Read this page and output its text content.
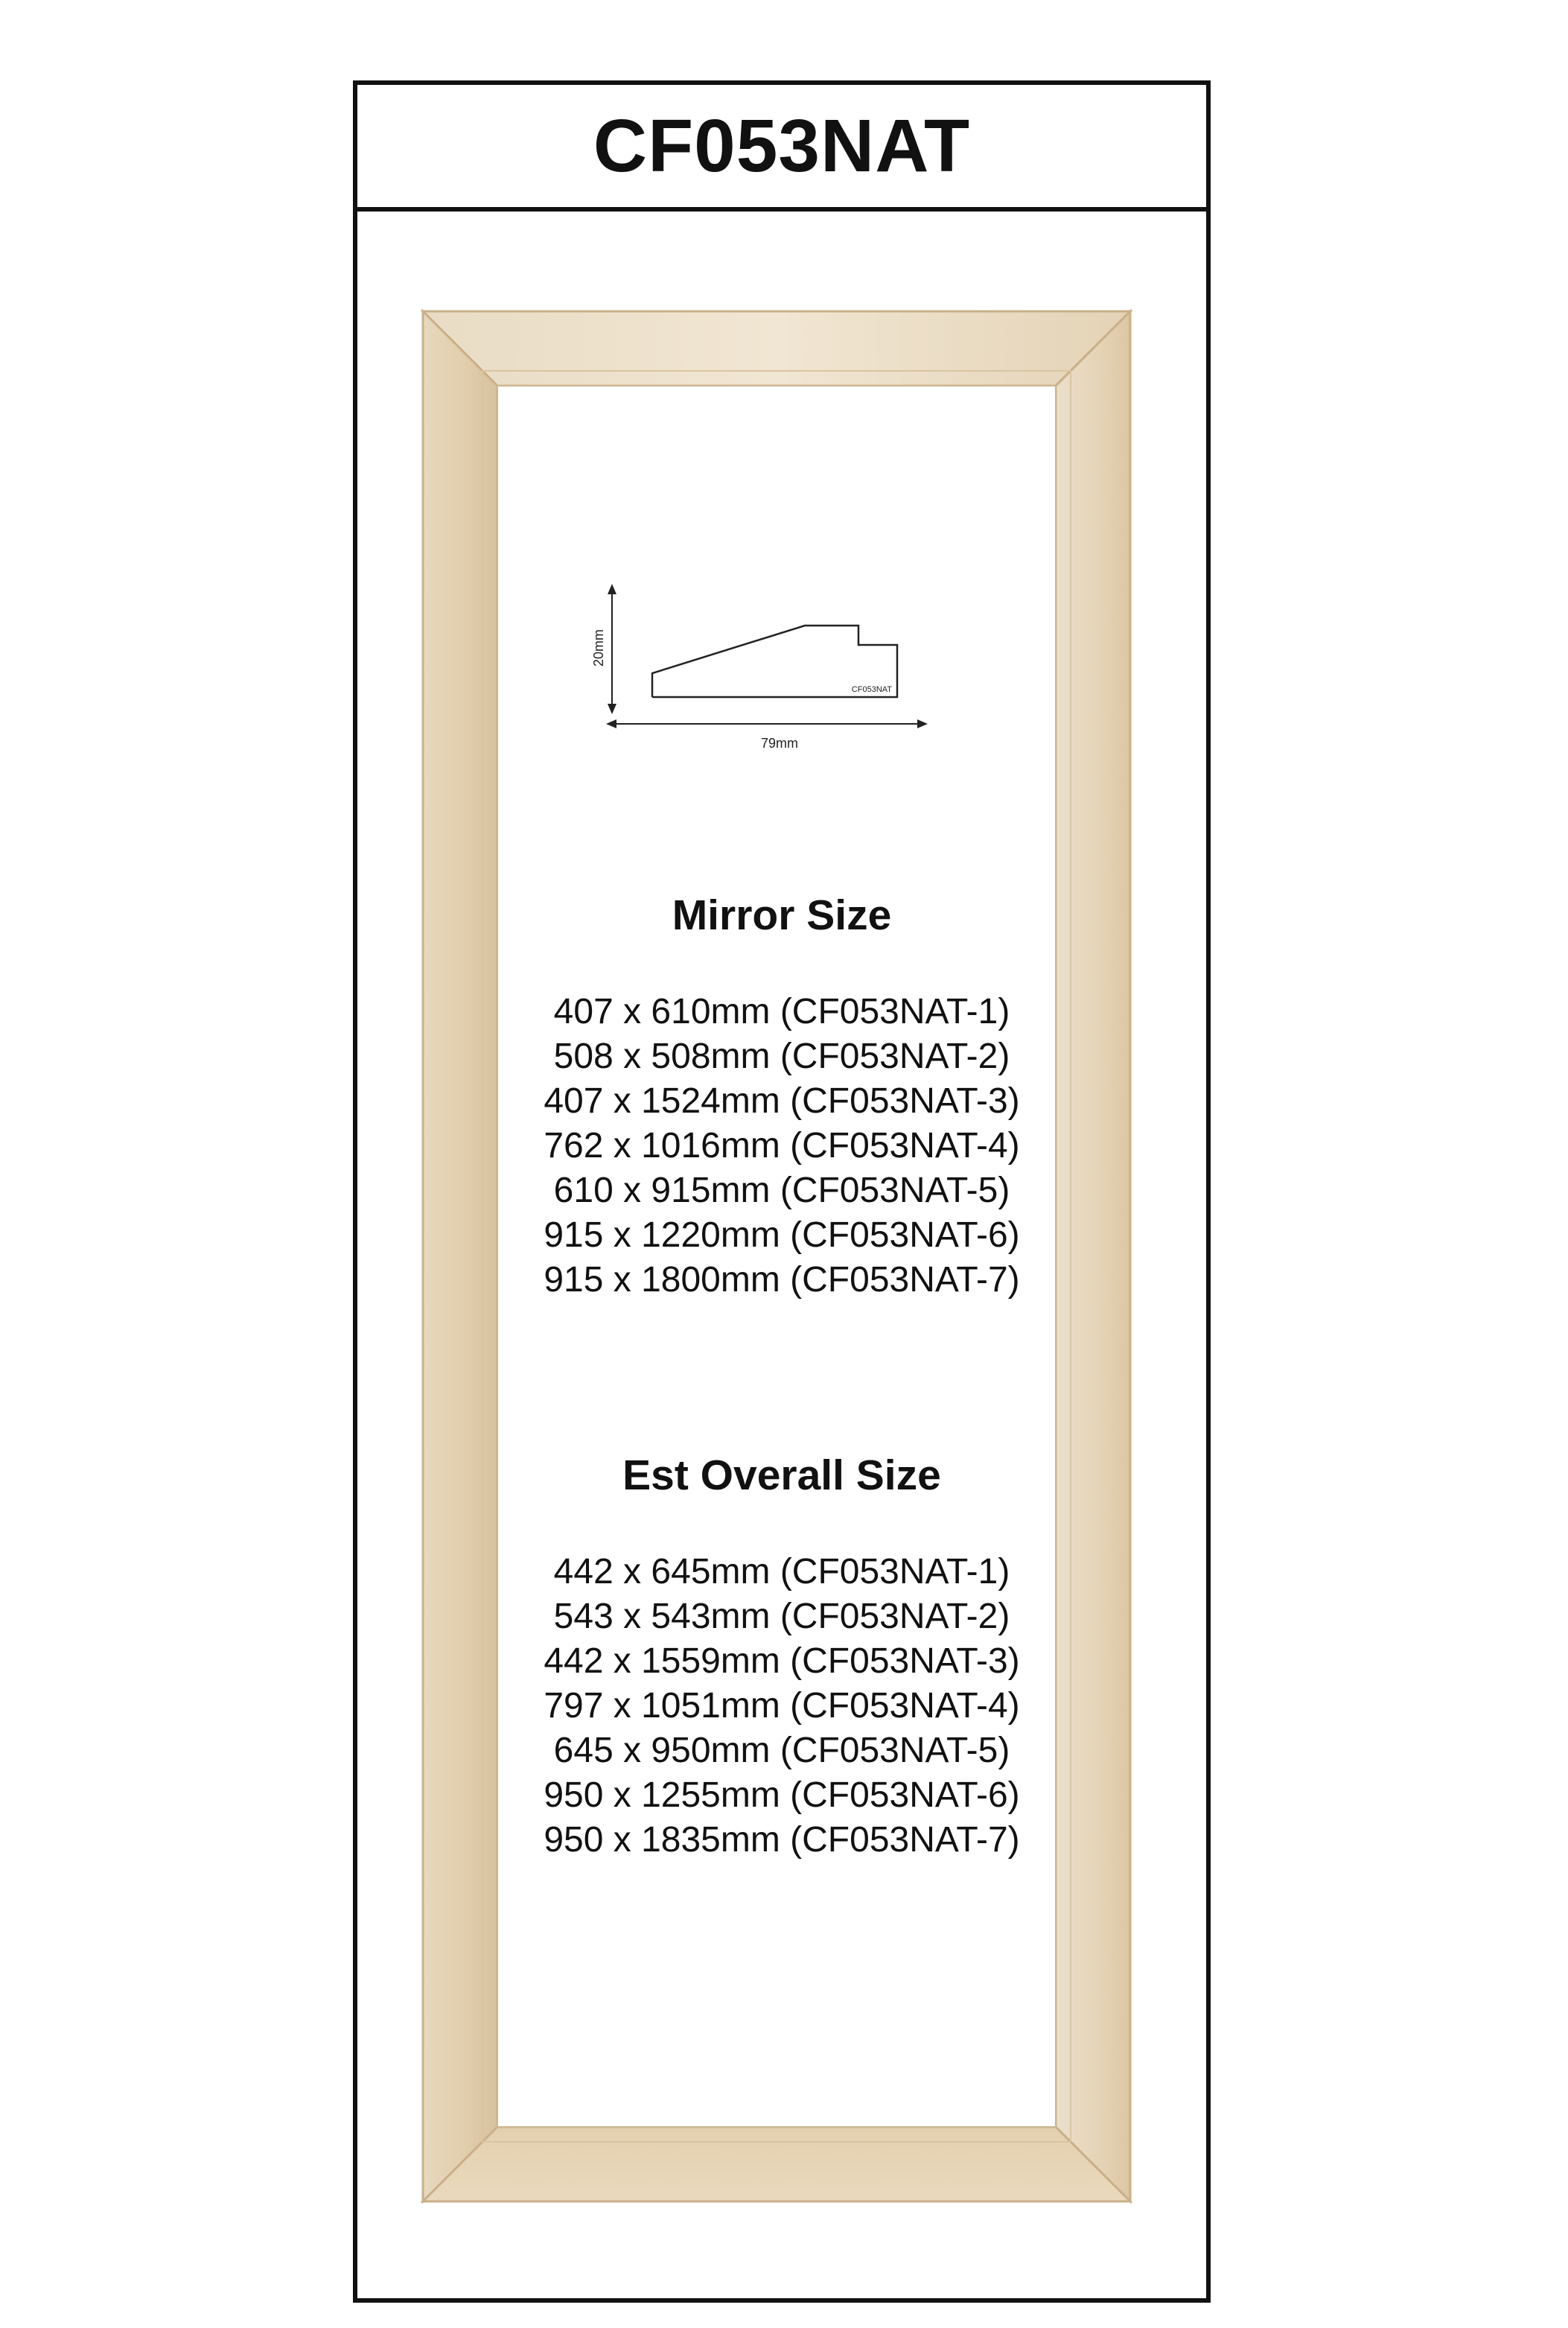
CF053NAT
20mm
CF053NAT
79mm
Mirror Size
407 x 610mm (CF053NAT-1)
508 x 508mm (CF053NAT-2)
407 x 1524mm (CF053NAT-3)
762 x 1016mm (CF053NAT-4)
610 x 915mm (CF053NAT-5)
915 x 1220mm (CF053NAT-6)
915 x 1800mm (CF053NAT-7)
Est Overall Size
442 x 645mm (CF053NAT-1)
543 x 543mm (CF053NAT-2)
442 x 1559mm (CF053NAT-3)
797 x 1051mm (CF053NAT-4)
645 x 950mm (CF053NAT-5)
950 x 1255mm (CF053NAT-6)
950 x 1835mm (CF053NAT-7)
